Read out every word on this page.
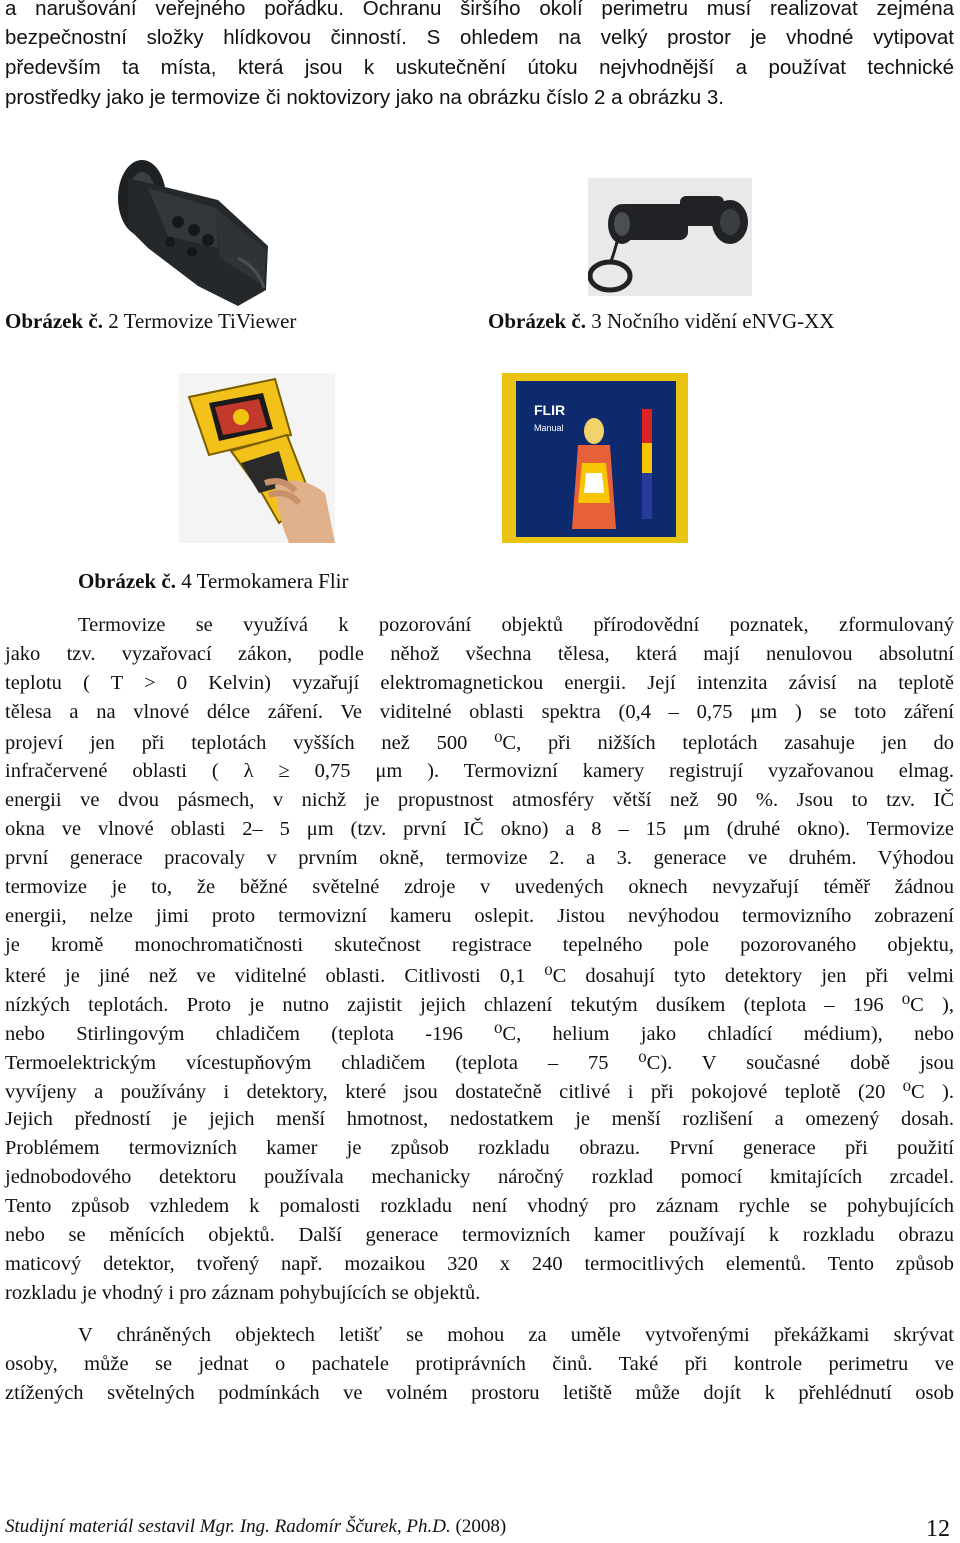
a narušování veřejného pořádku. Ochranu širšího okolí perimetru musí realizovat zejména
bezpečnostní složky hlídkovou činností. S ohledem na velký prostor je vhodné vytipovat
především ta místa, která jsou k uskutečnění útoku nejvhodnější a používat technické
prostředky jako je termovize či noktovizory jako na obrázku číslo 2 a obrázku 3.
Obrázek č. 2 Termovize TiViewer	Obrázek č. 3 Nočního vidění eNVG-XX
FLIR
Manual
Obrázek č. 4 Termokamera Flir
Termovize se využívá k pozorování objektů přírodovědní poznatek, zformulovaný
jako tzv. vyzařovací zákon, podle něhož všechna tělesa, která mají nenulovou absolutní
teplotu ( T > 0 Kelvin) vyzařují elektromagnetickou energii. Její intenzita závisí na teplotě
tělesa a na vlnové délce záření. Ve viditelné oblasti spektra (0,4 – 0,75 μm ) se toto záření
projeví jen při teplotách vyšších než 500 ⁰C, při nižších teplotách zasahuje jen do
infračervené oblasti ( λ ≥ 0,75 μm ). Termovizní kamery registrují vyzařovanou elmag.
energii ve dvou pásmech, v nichž je propustnost atmosféry větší než 90 %. Jsou to tzv. IČ
okna ve vlnové oblasti 2– 5 μm (tzv. první IČ okno) a 8 – 15 μm (druhé okno). Termovize
první generace pracovaly v prvním okně, termovize 2. a 3. generace ve druhém. Výhodou
termovize je to, že běžné světelné zdroje v uvedených oknech nevyzařují téměř žádnou
energii, nelze jimi proto termovizní kameru oslepit. Jistou nevýhodou termovizního zobrazení
je kromě monochromatičnosti skutečnost registrace tepelného pole pozorovaného objektu,
které je jiné než ve viditelné oblasti. Citlivosti 0,1 ⁰C dosahují tyto detektory jen při velmi
nízkých teplotách. Proto je nutno zajistit jejich chlazení tekutým dusíkem (teplota – 196 ⁰C ),
nebo Stirlingovým chladičem (teplota -196 ⁰C, helium jako chladící médium), nebo
Termoelektrickým vícestupňovým chladičem (teplota – 75 ⁰C). V současné době jsou
vyvíjeny a používány i detektory, které jsou dostatečně citlivé i při pokojové teplotě (20 ⁰C ).
Jejich předností je jejich menší hmotnost, nedostatkem je menší rozlišení a omezený dosah.
Problémem termovizních kamer je způsob rozkladu obrazu. První generace při použití
jednobodového detektoru používala mechanicky náročný rozklad pomocí kmitajících zrcadel.
Tento způsob vzhledem k pomalosti rozkladu není vhodný pro záznam rychle se pohybujících
nebo se měnících objektů. Další generace termovizních kamer používají k rozkladu obrazu
maticový detektor, tvořený např. mozaikou 320 x 240 termocitlivých elementů. Tento způsob
rozkladu je vhodný i pro záznam pohybujících se objektů.
V chráněných objektech letišť se mohou za uměle vytvořenými překážkami skrývat
osoby, může se jednat o pachatele protiprávních činů. Také při kontrole perimetru ve
ztížených světelných podmínkách ve volném prostoru letiště může dojít k přehlédnutí osob
Studijní materiál sestavil Mgr. Ing. Radomír Ščurek, Ph.D. (2008)	12
